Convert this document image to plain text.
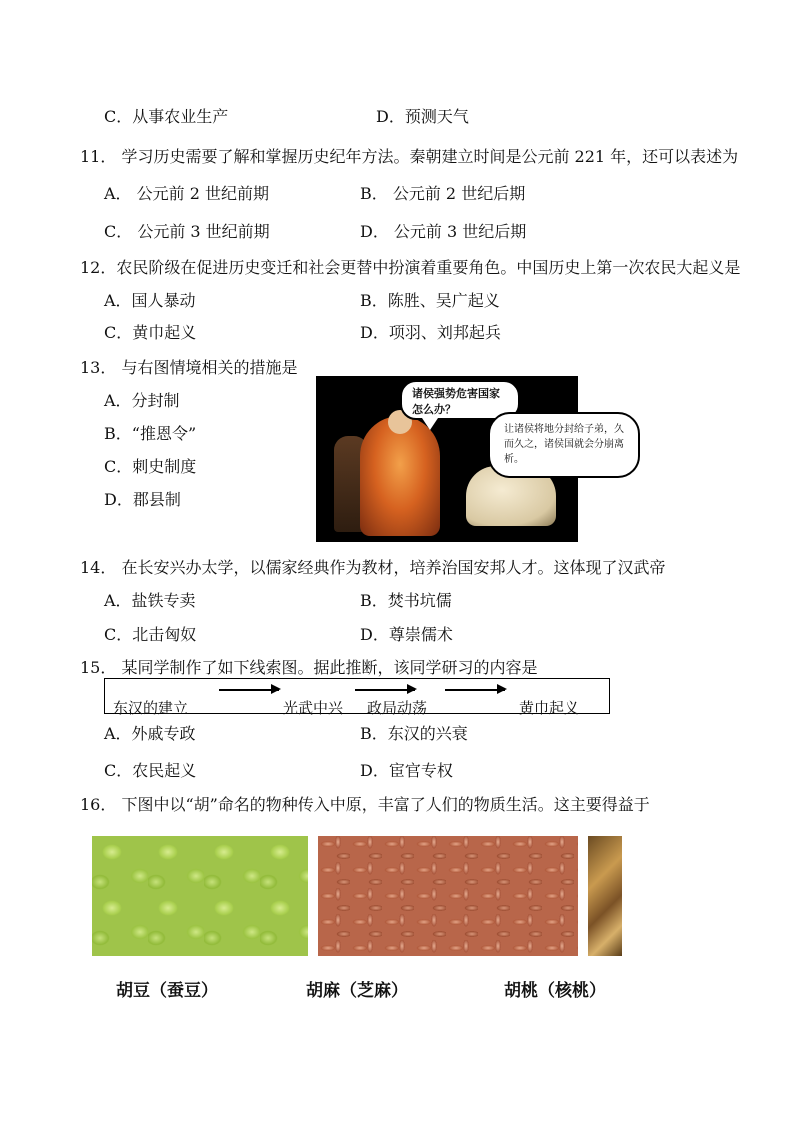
C．从事农业生产	D．预测天气
11． 学习历史需要了解和掌握历史纪年方法。秦朝建立时间是公元前 221 年，还可以表述为
A． 公元前 2 世纪前期	B． 公元前 2 世纪后期
C． 公元前 3 世纪前期	D． 公元前 3 世纪后期
12．农民阶级在促进历史变迁和社会更替中扮演着重要角色。中国历史上第一次农民大起义是
A．国人暴动	B．陈胜、吴广起义
C．黄巾起义	D．项羽、刘邦起兵
13． 与右图情境相关的措施是
A．分封制
B．“推恩令”
C．刺史制度
D．郡县制
诸侯强势危害国家怎么办？
让诸侯将地分封给子弟，久而久之，诸侯国就会分崩离析。
14． 在长安兴办太学，以儒家经典作为教材，培养治国安邦人才。这体现了汉武帝
A．盐铁专卖	B．焚书坑儒
C．北击匈奴	D．尊崇儒术
15． 某同学制作了如下线索图。据此推断，该同学研习的内容是
东汉的建立	光武中兴 政局动荡	黄巾起义
A．外戚专政	B．东汉的兴衰
C．农民起义	D．宦官专权
16． 下图中以“胡”命名的物种传入中原，丰富了人们的物质生活。这主要得益于
胡豆（蚕豆）	胡麻（芝麻）	胡桃（核桃）
